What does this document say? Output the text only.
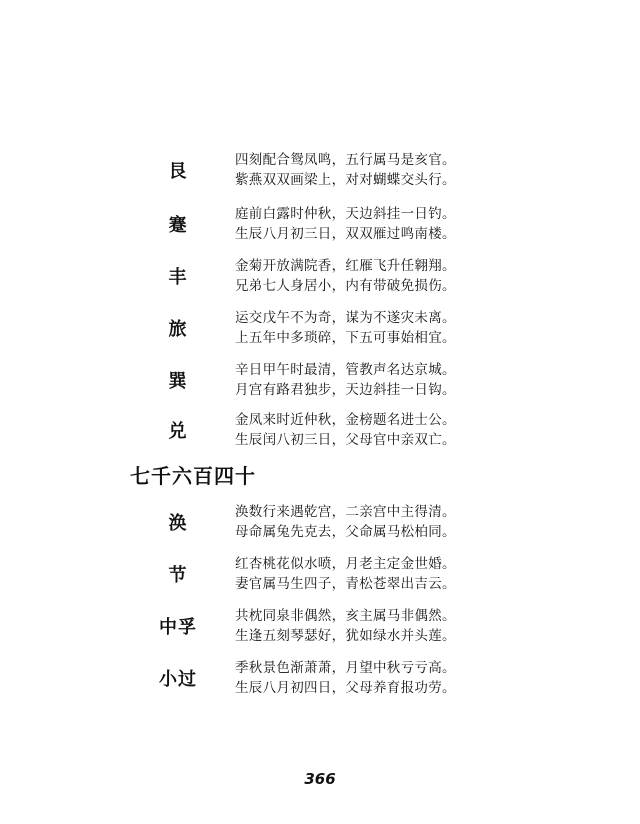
艮
四刻配合鸳凤鸣，五行属马是亥官。
紫燕双双画梁上，对对蝴蝶交头行。
蹇
庭前白露时仲秋，天边斜挂一日钓。
生辰八月初三日，双双雁过鸣南楼。
丰
金菊开放满院香，红雁飞升任翱翔。
兄弟七人身居小，内有带破免损伤。
旅
运交戊午不为奇，谋为不遂灾未离。
上五年中多琐碎，下五可事始相宜。
巽
辛日甲午时最清，管教声名达京城。
月宫有路君独步，天边斜挂一日钩。
兑
金凤来时近仲秋，金榜题名进士公。
生辰闰八初三日，父母官中亲双亡。
七千六百四十
涣
涣数行来遇乾宫，二亲宫中主得清。
母命属兔先克去，父命属马松柏同。
节
红杏桃花似水喷，月老主定金世婚。
妻官属马生四子，青松苍翠出吉云。
中孚
共枕同泉非偶然，亥主属马非偶然。
生逢五刻琴瑟好，犹如绿水并头莲。
小过
季秋景色渐萧萧，月望中秋亏亏高。
生辰八月初四日，父母养育报功劳。
366
